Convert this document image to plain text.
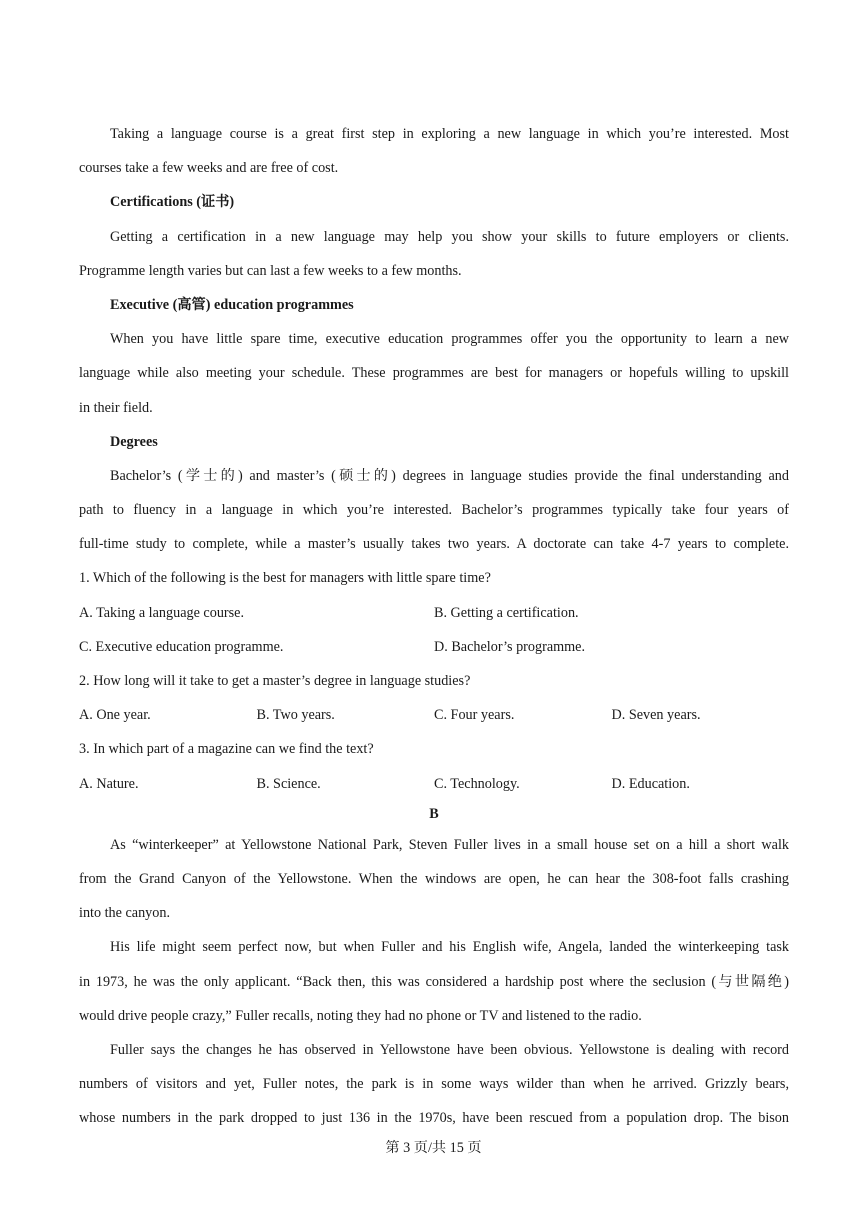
Taking a language course is a great first step in exploring a new language in which you’re interested. Most
courses take a few weeks and are free of cost.
Certifications (证书)
Getting a certification in a new language may help you show your skills to future employers or clients.
Programme length varies but can last a few weeks to a few months.
Executive (高管) education programmes
When you have little spare time, executive education programmes offer you the opportunity to learn a new
language while also meeting your schedule. These programmes are best for managers or hopefuls willing to upskill
in their field.
Degrees
Bachelor’s (学士的) and master’s (硕士的) degrees in language studies provide the final understanding and
path to fluency in a language in which you’re interested. Bachelor’s programmes typically take four years of
full-time study to complete, while a master’s usually takes two years. A doctorate can take 4-7 years to complete.
1. Which of the following is the best for managers with little spare time?
A. Taking a language course.	B. Getting a certification.
C. Executive education programme.	D. Bachelor’s programme.
2. How long will it take to get a master’s degree in language studies?
A. One year.	B. Two years.	C. Four years.	D. Seven years.
3. In which part of a magazine can we find the text?
A. Nature.	B. Science.	C. Technology.	D. Education.
B
As “winterkeeper” at Yellowstone National Park, Steven Fuller lives in a small house set on a hill a short walk
from the Grand Canyon of the Yellowstone. When the windows are open, he can hear the 308-foot falls crashing
into the canyon.
His life might seem perfect now, but when Fuller and his English wife, Angela, landed the winterkeeping task
in 1973, he was the only applicant. “Back then, this was considered a hardship post where the seclusion (与世隔绝)
would drive people crazy,” Fuller recalls, noting they had no phone or TV and listened to the radio.
Fuller says the changes he has observed in Yellowstone have been obvious. Yellowstone is dealing with record
numbers of visitors and yet, Fuller notes, the park is in some ways wilder than when he arrived. Grizzly bears,
whose numbers in the park dropped to just 136 in the 1970s, have been rescued from a population drop. The bison
第 3 页/共 15 页
